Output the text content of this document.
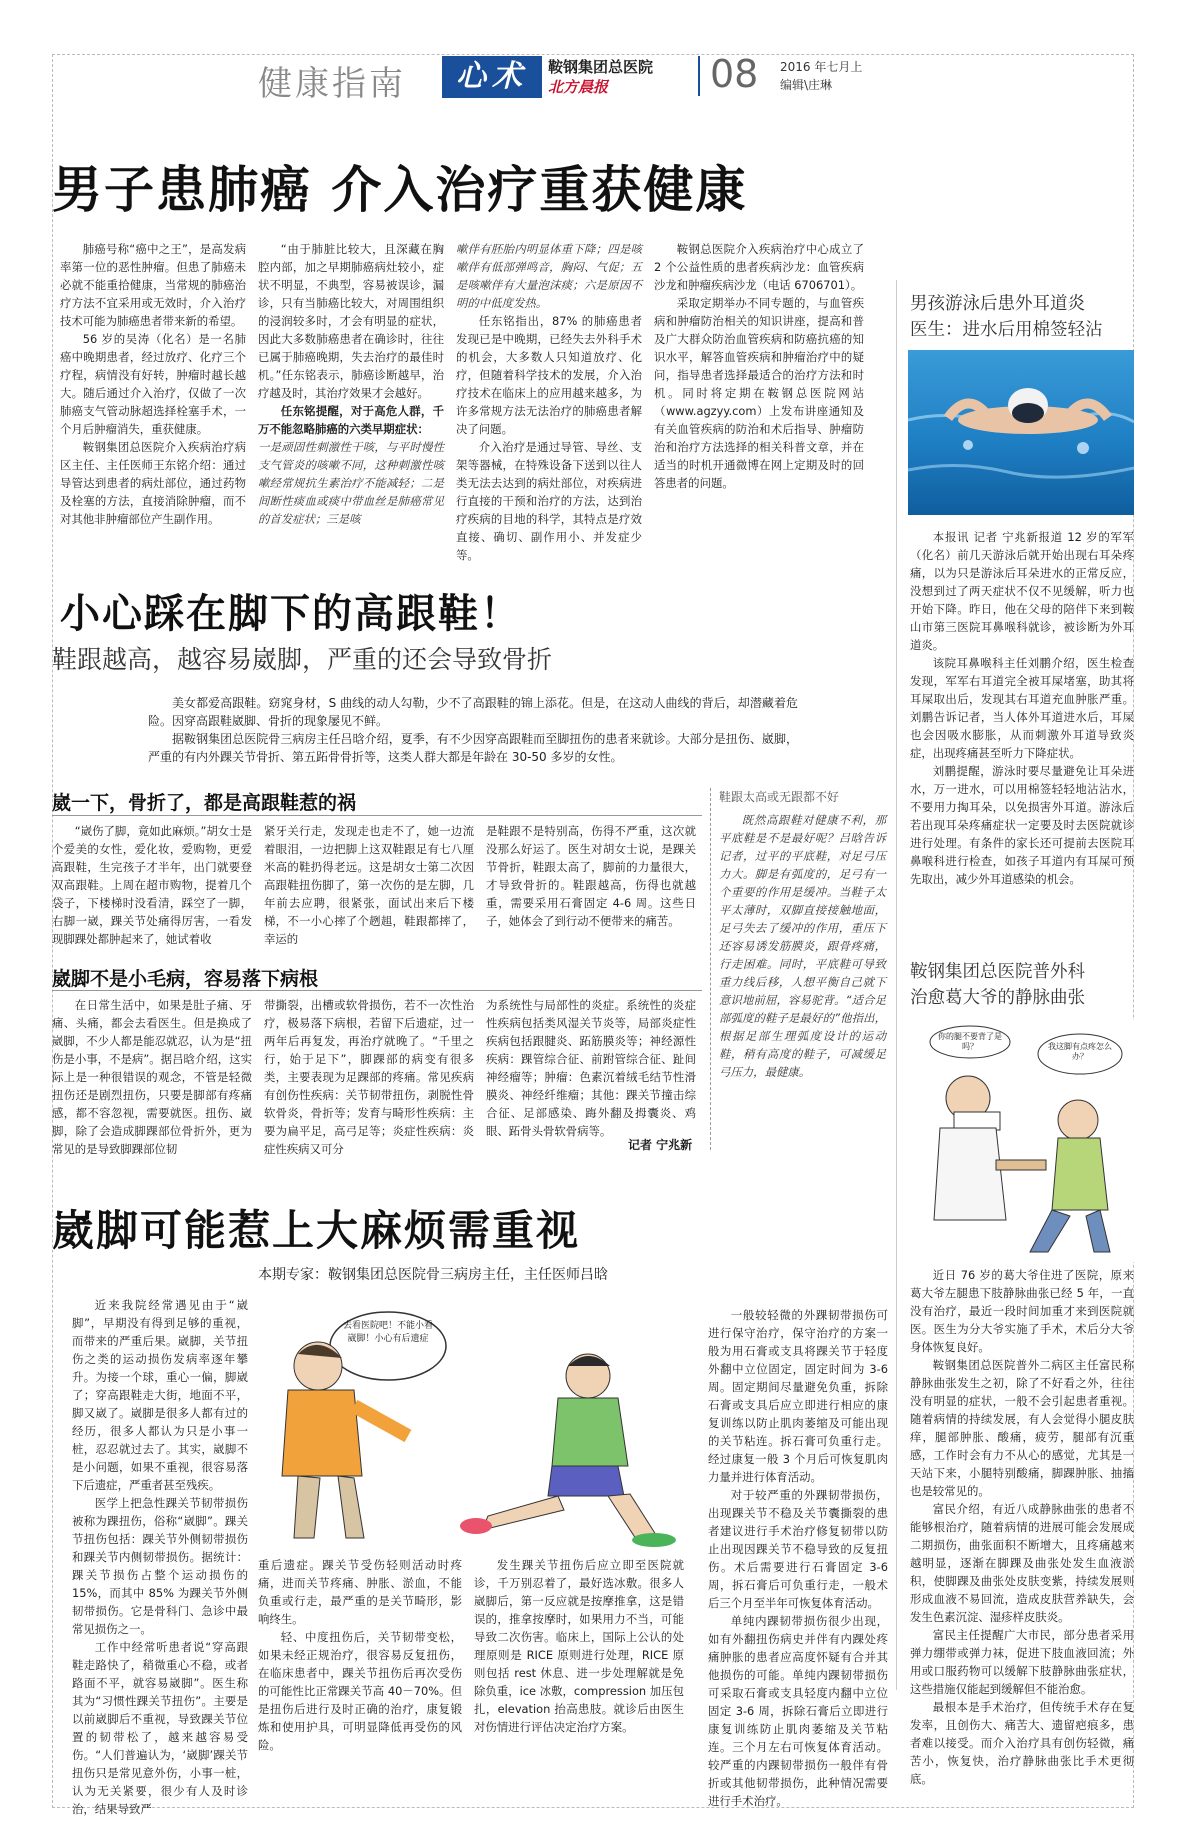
健康指南	心术	鞍钢集团总医院
北方晨报	08 2016 年七月上
编辑\庄琳
男子患肺癌 介入治疗重获健康

肺癌号称“癌中之王”，是高发病率第一位的恶性肿瘤。但患了肺癌未必就不能重拾健康，当常规的肺癌治疗方法不宜采用或无效时，介入治疗技术可能为肺癌患者带来新的希望。

56 岁的吴涛（化名）是一名肺癌中晚期患者，经过放疗、化疗三个疗程，病情没有好转，肿瘤时越长越大。随后通过介入治疗，仅做了一次肺癌支气管动脉超选择栓塞手术，一个月后肿瘤消失，重获健康。

鞍钢集团总医院介入疾病治疗病区主任、主任医师王东铭介绍：通过导管达到患者的病灶部位，通过药物及栓塞的方法，直接消除肿瘤，而不对其他非肿瘤部位产生副作用。

“由于肺脏比较大，且深藏在胸腔内部，加之早期肺癌病灶较小，症状不明显，不典型，容易被误诊，漏诊，只有当肺癌比较大，对周围组织的浸润较多时，才会有明显的症状，因此大多数肺癌患者在确诊时，往往已属于肺癌晚期，失去治疗的最佳时机。”任东铭表示，肺癌诊断越早，治疗越及时，其治疗效果才会越好。

任东铭提醒，对于高危人群，千万不能忽略肺癌的六类早期症状：

一是顽固性刺激性干咳，与平时慢性支气管炎的咳嗽不同，这种刺激性咳嗽经常规抗生素治疗不能减轻；二是间断性痰血或痰中带血丝是肺癌常见的首发症状；三是咳

嗽伴有胚胎内明显体重下降；四是咳嗽伴有低部弹鸣音，胸闷、气促；五是咳嗽伴有大量泡沫痰；六是原因不明的中低度发热。

任东铭指出，87% 的肺癌患者发现已是中晚期，已经失去外科手术的机会，大多数人只知道放疗、化疗，但随着科学技术的发展，介入治疗技术在临床上的应用越来越多，为许多常规方法无法治疗的肺癌患者解决了问题。

介入治疗是通过导管、导丝、支架等器械，在特殊设备下送到以往人类无法去达到的病灶部位，对疾病进行直接的干预和治疗的方法，达到治疗疾病的目地的科学，其特点是疗效直接、确切、副作用小、并发症少等。

鞍钢总医院介入疾病治疗中心成立了 2 个公益性质的患者疾病沙龙：血管疾病沙龙和肿瘤疾病沙龙（电话 6706701）。

采取定期举办不同专题的，与血管疾病和肿瘤防治相关的知识讲座，提高和普及广大群众防治血管疾病和防癌抗癌的知识水平，解答血管疾病和肿瘤治疗中的疑问，指导患者选择最适合的治疗方法和时机。同时将定期在鞍钢总医院网站（www.agzyy.com）上发布讲座通知及有关血管疾病的防治和术后指导、肿瘤防治和治疗方法选择的相关科普文章，并在适当的时机开通微博在网上定期及时的回答患者的问题。

男孩游泳后患外耳道炎
医生：进水后用棉签轻沾

本报讯 记者 宁兆新报道 12 岁的军军（化名）前几天游泳后就开始出现右耳朵疼痛，以为只是游泳后耳朵进水的正常反应，没想到过了两天症状不仅不见缓解，听力也开始下降。昨日，他在父母的陪伴下来到鞍山市第三医院耳鼻喉科就诊，被诊断为外耳道炎。

该院耳鼻喉科主任刘鹏介绍，医生检查发现，军军右耳道完全被耳屎堵塞，助其将耳屎取出后，发现其右耳道充血肿胀严重。刘鹏告诉记者，当人体外耳道进水后，耳屎也会因吸水膨胀，从而刺激外耳道导致炎症，出现疼痛甚至听力下降症状。

刘鹏提醒，游泳时要尽量避免让耳朵进水，万一进水，可以用棉签轻轻地沾沾水，不要用力掏耳朵，以免损害外耳道。游泳后若出现耳朵疼痛症状一定要及时去医院就诊进行处理。有条件的家长还可提前去医院耳鼻喉科进行检查，如孩子耳道内有耳屎可预先取出，减少外耳道感染的机会。

小心踩在脚下的高跟鞋！
鞋跟越高，越容易崴脚，严重的还会导致骨折

美女都爱高跟鞋。窈窕身材，S 曲线的动人勾勒，少不了高跟鞋的锦上添花。但是，在这动人曲线的背后，却潜藏着危险。因穿高跟鞋崴脚、骨折的现象屡见不鲜。

据鞍钢集团总医院骨三病房主任吕晗介绍，夏季，有不少因穿高跟鞋而至脚扭伤的患者来就诊。大部分是扭伤、崴脚，严重的有内外踝关节骨折、第五跖骨骨折等，这类人群大都是年龄在 30-50 多岁的女性。

崴一下，骨折了，都是高跟鞋惹的祸

“崴伤了脚，竟如此麻烦。”胡女士是个爱美的女性，爱化妆，爱购物，更爱高跟鞋，生完孩子才半年，出门就要登双高跟鞋。上周在超市购物，提着几个袋子，下楼梯时没看清，踩空了一脚，右脚一崴，踝关节处痛得厉害，一看发现脚踝处都肿起来了，她试着收

紧牙关行走，发现走也走不了，她一边流着眼泪，一边把脚上这双鞋跟足有七八厘米高的鞋扔得老远。这是胡女士第二次因高跟鞋扭伤脚了，第一次伤的是左脚，几年前去应聘，很紧张，面试出来后下楼梯，不一小心摔了个趔趄，鞋跟都摔了，幸运的

是鞋跟不是特别高，伤得不严重，这次就没那么好运了。医生对胡女士说，是踝关节骨折，鞋跟太高了，脚前的力量很大，才导致骨折的。鞋跟越高，伤得也就越重，需要采用石膏固定 4-6 周。这些日子，她体会了到行动不便带来的痛苦。

崴脚不是小毛病，容易落下病根

在日常生活中，如果是肚子痛、牙痛、头痛，都会去看医生。但是换成了崴脚，不少人都是能忍就忍，认为是“扭伤是小事，不是病”。据吕晗介绍，这实际上是一种很错误的观念，不管是轻微扭伤还是剧烈扭伤，只要是脚部有疼痛感，都不容忽视，需要就医。扭伤、崴脚，除了会造成脚踝部位骨折外，更为常见的是导致脚踝部位韧

带撕裂，出槽或软骨损伤，若不一次性治疗，极易落下病根，若留下后遗症，过一两年后再复发，再治疗就晚了。“千里之行，始于足下”，脚踝部的病变有很多类，主要表现为足踝部的疼痛。常见疾病有创伤性疾病：关节韧带扭伤，剥脱性骨软骨炎，骨折等；发育与畸形性疾病：主要为扁平足，高弓足等；炎症性疾病：炎症性疾病又可分

为系统性与局部性的炎症。系统性的炎症性疾病包括类风湿关节炎等，局部炎症性疾病包括跟腱炎、跖筋膜炎等；神经源性疾病：踝管综合征、前跗管综合征、趾间神经瘤等；肿瘤：色素沉着绒毛结节性滑膜炎、神经纤维瘤；其他：踝关节撞击综合征、足部感染、踇外翻及拇囊炎、鸡眼、跖骨头骨软骨病等。

记者 宁兆新
鞋跟太高或无跟都不好
既然高跟鞋对健康不利，那平底鞋是不是最好呢？吕晗告诉记者，过平的平底鞋，对足弓压力大。脚是有弧度的，足弓有一个重要的作用是缓冲。当鞋子太平太薄时，双脚直接接触地面，足弓失去了缓冲的作用，重压下还容易诱发筋膜炎，跟骨疼痛，行走困难。同时，平底鞋可导致重力线后移，人想平衡自己就下意识地前屈，容易驼背。“适合足部弧度的鞋子是最好的”他指出，根据足部生理弧度设计的运动鞋，稍有高度的鞋子，可减缓足弓压力，最健康。
鞍钢集团总医院普外科
治愈葛大爷的静脉曲张
你的腿不要背了是吗？	我这脚有点疼怎么办？

近日 76 岁的葛大爷住进了医院，原来葛大爷左腿患下肢静脉曲张已经 5 年，一直没有治疗，最近一段时间加重才来到医院就医。医生为分大爷实施了手术，术后分大爷身体恢复良好。

鞍钢集团总医院普外二病区主任富民称静脉曲张发生之初，除了不好看之外，往往没有明显的症状，一般不会引起患者重视。随着病情的持续发展，有人会觉得小腿皮肤痒，腿部肿胀、酸痛，疲劳，腿部有沉重感，工作时会有力不从心的感觉，尤其是一天站下来，小腿特别酸痛，脚踝肿胀、抽搐也是较常见的。

富民介绍，有近八成静脉曲张的患者不能够根治疗，随着病情的进展可能会发展成二期损伤，曲张面积不断增大，且疼痛越来越明显，逐渐在脚踝及曲张处发生血液淤积，使脚踝及曲张处皮肤变紫，持续发展则形成血液不易回流，造成皮肤营养缺失，会发生色素沉淀、湿疹样皮肤炎。

富民主任提醒广大市民，部分患者采用弹力绷带或弹力袜，促进下肢血液回流；外用或口服药物可以缓解下肢静脉曲张症状，这些措施仅能起到缓解但不能治愈。

最根本是手术治疗，但传统手术存在复发率，且创伤大、痛苦大、遗留疤痕多，患者难以接受。而介入治疗具有创伤轻微，痛苦小，恢复快，治疗静脉曲张比手术更彻底。

崴脚可能惹上大麻烦需重视
本期专家：鞍钢集团总医院骨三病房主任，主任医师吕晗

近来我院经常遇见由于“崴脚”，早期没有得到足够的重视，而带来的严重后果。崴脚，关节扭伤之类的运动损伤发病率逐年攀升。为接一个球，重心一偏，脚崴了；穿高跟鞋走大街，地面不平，脚又崴了。崴脚是很多人都有过的经历，很多人都认为只是小事一桩，忍忍就过去了。其实，崴脚不是小问题，如果不重视，很容易落下后遗症，严重者甚至残疾。

医学上把急性踝关节韧带损伤被称为踝扭伤，俗称“崴脚”。踝关节扭伤包括：踝关节外侧韧带损伤和踝关节内侧韧带损伤。据统计：踝关节损伤占整个运动损伤的 15%，而其中 85% 为踝关节外侧韧带损伤。它是骨科门、急诊中最常见损伤之一。

工作中经常听患者说“穿高跟鞋走路快了，稍微重心不稳，或者路面不平，就容易崴脚”。医生称其为“习惯性踝关节扭伤”。主要是以前崴脚后不重视，导致踝关节位置的韧带松了，越来越容易受伤。“人们普遍认为，‘崴脚’踝关节扭伤只是常见意外伤，小事一桩，认为无关紧要，很少有人及时诊治，结果导致严

去看医院吧！不能小看崴脚！小心有后遗症

重后遗症。踝关节受伤轻则活动时疼痛，进而关节疼痛、肿胀、淤血，不能负重或行走，最严重的是关节畸形，影响终生。

轻、中度扭伤后，关节韧带变松，如果未经正规治疗，很容易反复扭伤，在临床患者中，踝关节扭伤后再次受伤的可能性比正常踝关节高 40－70%。但是扭伤后进行及时正确的治疗，康复锻炼和使用护具，可明显降低再受伤的风险。

发生踝关节扭伤后应立即至医院就诊，千万别忍着了，最好选冰敷。很多人崴脚后，第一反应就是按摩推拿，这是错误的，推拿按摩时，如果用力不当，可能导致二次伤害。临床上，国际上公认的处理原则是 RICE 原则进行处理，RICE 原则包括 rest 休息、进一步处理解就是免除负重，ice 冰敷，compression 加压包扎，elevation 抬高患肢。就诊后由医生对伤情进行评估决定治疗方案。

一般较轻微的外踝韧带损伤可进行保守治疗，保守治疗的方案一般为用石膏或支具将踝关节于轻度外翻中立位固定，固定时间为 3-6 周。固定期间尽量避免负重，拆除石膏或支具后应立即进行相应的康复训练以防止肌肉萎缩及可能出现的关节粘连。拆石膏可负重行走。经过康复一般 3 个月后可恢复肌肉力量并进行体育活动。

对于较严重的外踝韧带损伤，出现踝关节不稳及关节囊撕裂的患者建议进行手术治疗修复韧带以防止出现因踝关节不稳导致的反复扭伤。术后需要进行石膏固定 3-6 周，拆石膏后可负重行走，一般术后三个月至半年可恢复体育活动。

单纯内踝韧带损伤很少出现，如有外翻扭伤病史并伴有内踝处疼痛肿胀的患者应高度怀疑有合并其他损伤的可能。单纯内踝韧带损伤可采取石膏或支具轻度内翻中立位固定 3-6 周，拆除石膏后立即进行康复训练防止肌肉萎缩及关节粘连。三个月左右可恢复体育活动。较严重的内踝韧带损伤一般伴有骨折或其他韧带损伤，此种情况需要进行手术治疗。
